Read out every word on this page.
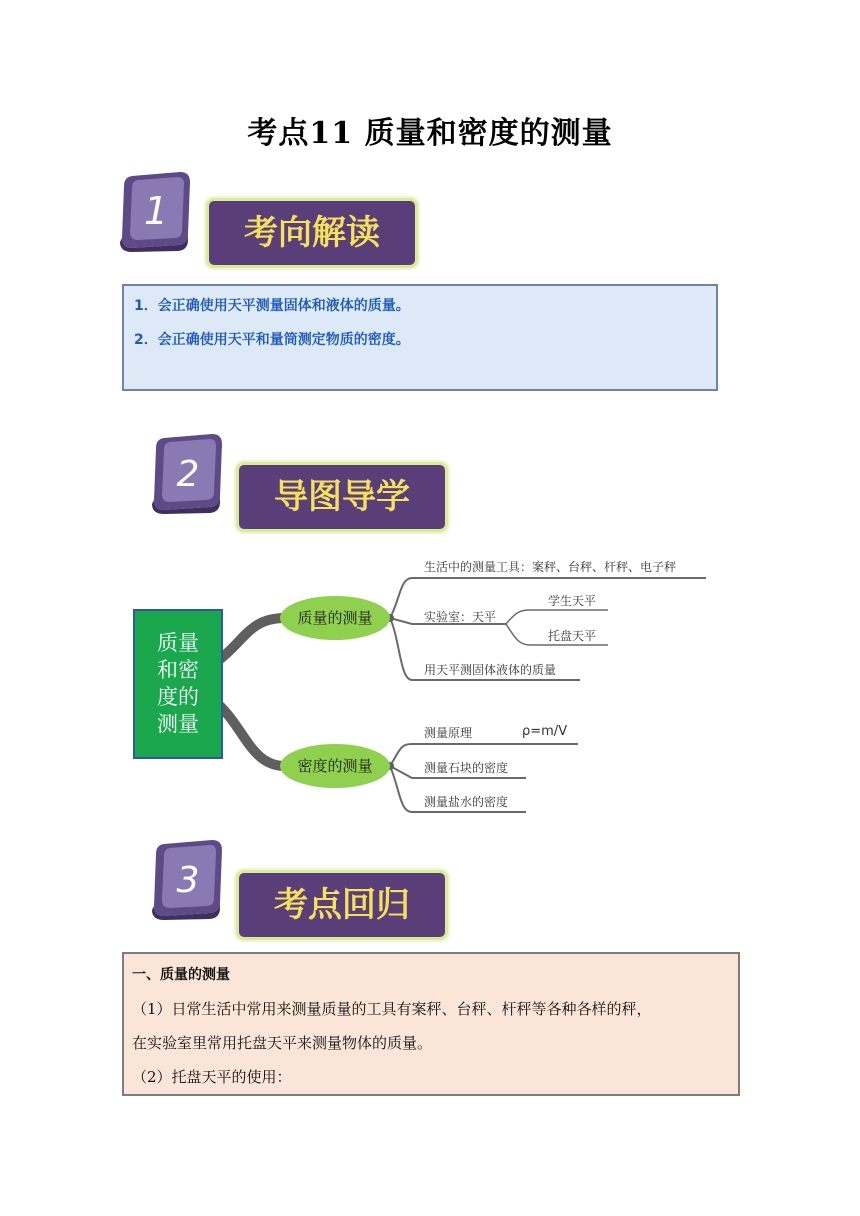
考点11 质量和密度的测量
1	考向解读

1．会正确使用天平测量固体和液体的质量。

2．会正确使用天平和量筒测定物质的密度。

2
导图导学
质量
和密
度的
测量
质量的测量
密度的测量
生活中的测量工具：案秤、台秤、杆秤、电子秤
实验室：天平
学生天平
托盘天平
用天平测固体液体的质量
测量原理	ρ=m/V
测量石块的密度
测量盐水的密度
3
考点回归
一、质量的测量
（1）日常生活中常用来测量质量的工具有案秤、台秤、杆秤等各种各样的秤，
在实验室里常用托盘天平来测量物体的质量。
（2）托盘天平的使用：
